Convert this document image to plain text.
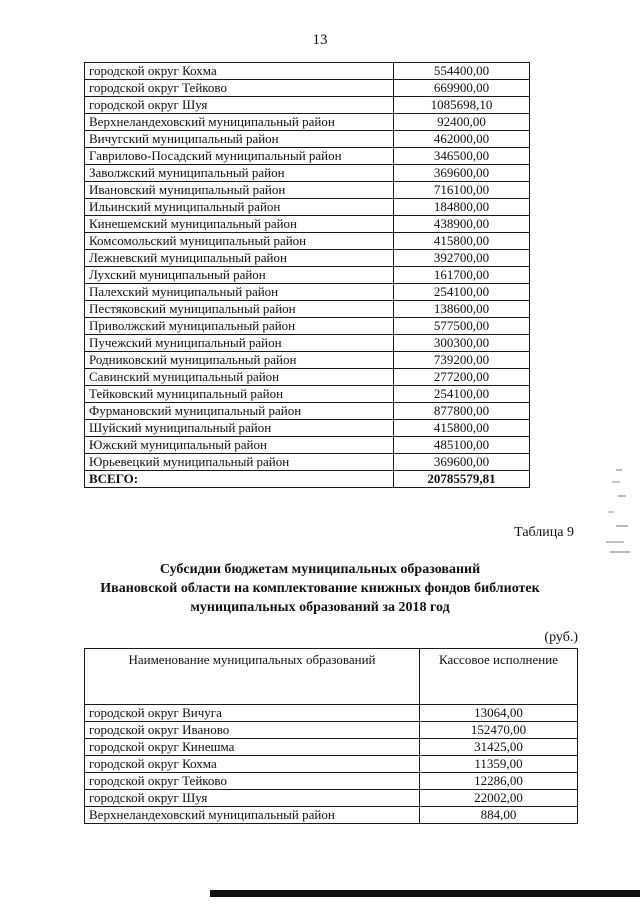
13
городской округ Кохма	554400,00
городской округ Тейково	669900,00
городской округ Шуя	1085698,10
Верхнеландеховский муниципальный район	92400,00
Вичугский муниципальный район	462000,00
Гаврилово-Посадский муниципальный район	346500,00
Заволжский муниципальный район	369600,00
Ивановский муниципальный район	716100,00
Ильинский муниципальный район	184800,00
Кинешемский муниципальный район	438900,00
Комсомольский муниципальный район	415800,00
Лежневский муниципальный район	392700,00
Лухский муниципальный район	161700,00
Палехский муниципальный район	254100,00
Пестяковский муниципальный район	138600,00
Приволжский муниципальный район	577500,00
Пучежский муниципальный район	300300,00
Родниковский муниципальный район	739200,00
Савинский муниципальный район	277200,00
Тейковский муниципальный район	254100,00
Фурмановский муниципальный район	877800,00
Шуйский муниципальный район	415800,00
Южский муниципальный район	485100,00
Юрьевецкий муниципальный район	369600,00
ВСЕГО:	20785579,81
Таблица 9
Субсидии бюджетам муниципальных образований
Ивановской области на комплектование книжных фондов библиотек
муниципальных образований за 2018 год
(руб.)
Наименование муниципальных образований	Кассовое исполнение
городской округ Вичуга	13064,00
городской округ Иваново	152470,00
городской округ Кинешма	31425,00
городской округ Кохма	11359,00
городской округ Тейково	12286,00
городской округ Шуя	22002,00
Верхнеландеховский муниципальный район	884,00
